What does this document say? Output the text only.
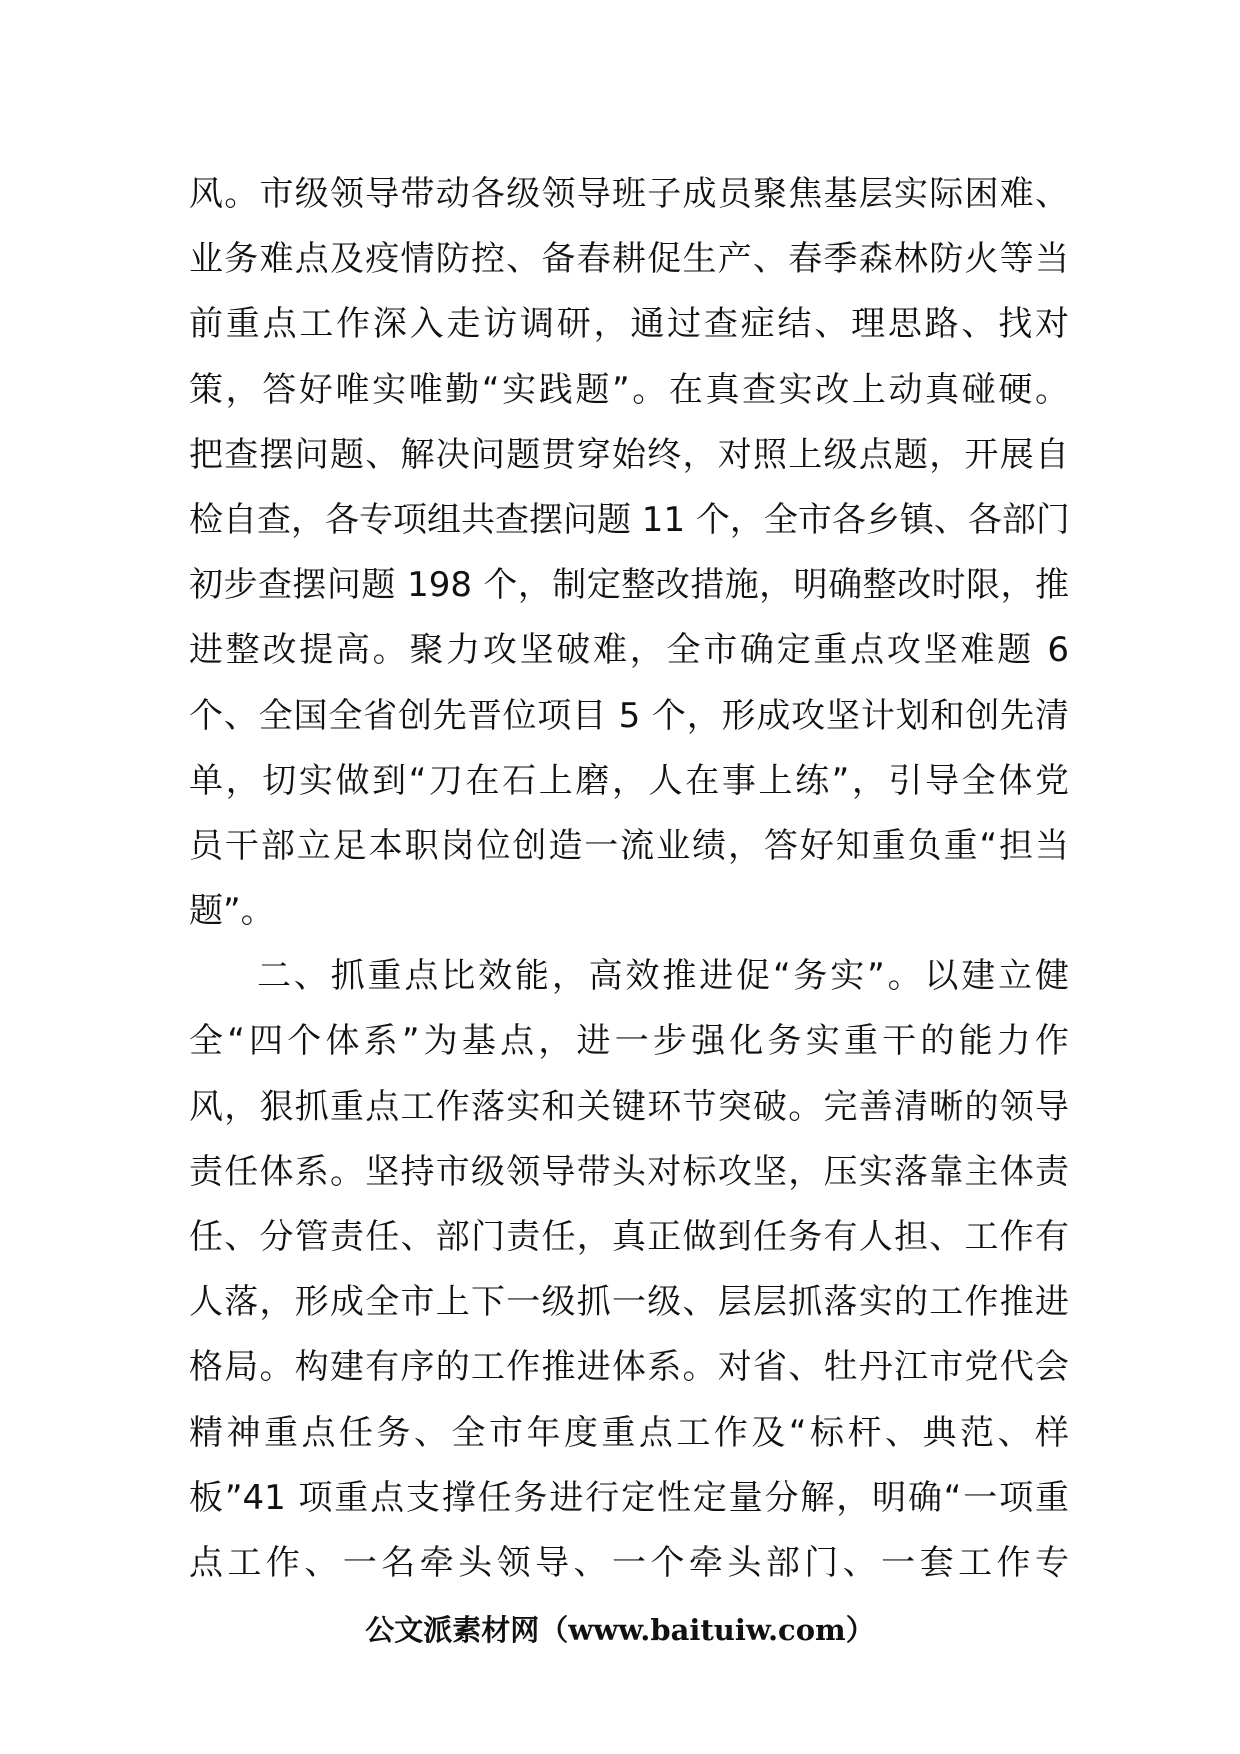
风。市级领导带动各级领导班子成员聚焦基层实际困难、
业务难点及疫情防控、备春耕促生产、春季森林防火等当
前重点工作深入走访调研，通过查症结、理思路、找对
策，答好唯实唯勤“实践题”。在真查实改上动真碰硬。
把查摆问题、解决问题贯穿始终，对照上级点题，开展自
检自查，各专项组共查摆问题 11 个，全市各乡镇、各部门
初步查摆问题 198 个，制定整改措施，明确整改时限，推
进整改提高。聚力攻坚破难，全市确定重点攻坚难题 6
个、全国全省创先晋位项目 5 个，形成攻坚计划和创先清
单，切实做到“刀在石上磨，人在事上练”，引导全体党
员干部立足本职岗位创造一流业绩，答好知重负重“担当
题”。
二、抓重点比效能，高效推进促“务实”。以建立健
全“四个体系”为基点，进一步强化务实重干的能力作
风，狠抓重点工作落实和关键环节突破。完善清晰的领导
责任体系。坚持市级领导带头对标攻坚，压实落靠主体责
任、分管责任、部门责任，真正做到任务有人担、工作有
人落，形成全市上下一级抓一级、层层抓落实的工作推进
格局。构建有序的工作推进体系。对省、牡丹江市党代会
精神重点任务、全市年度重点工作及“标杆、典范、样
板”41 项重点支撑任务进行定性定量分解，明确“一项重
点工作、一名牵头领导、一个牵头部门、一套工作专
公文派素材网（www.baituiw.com）
